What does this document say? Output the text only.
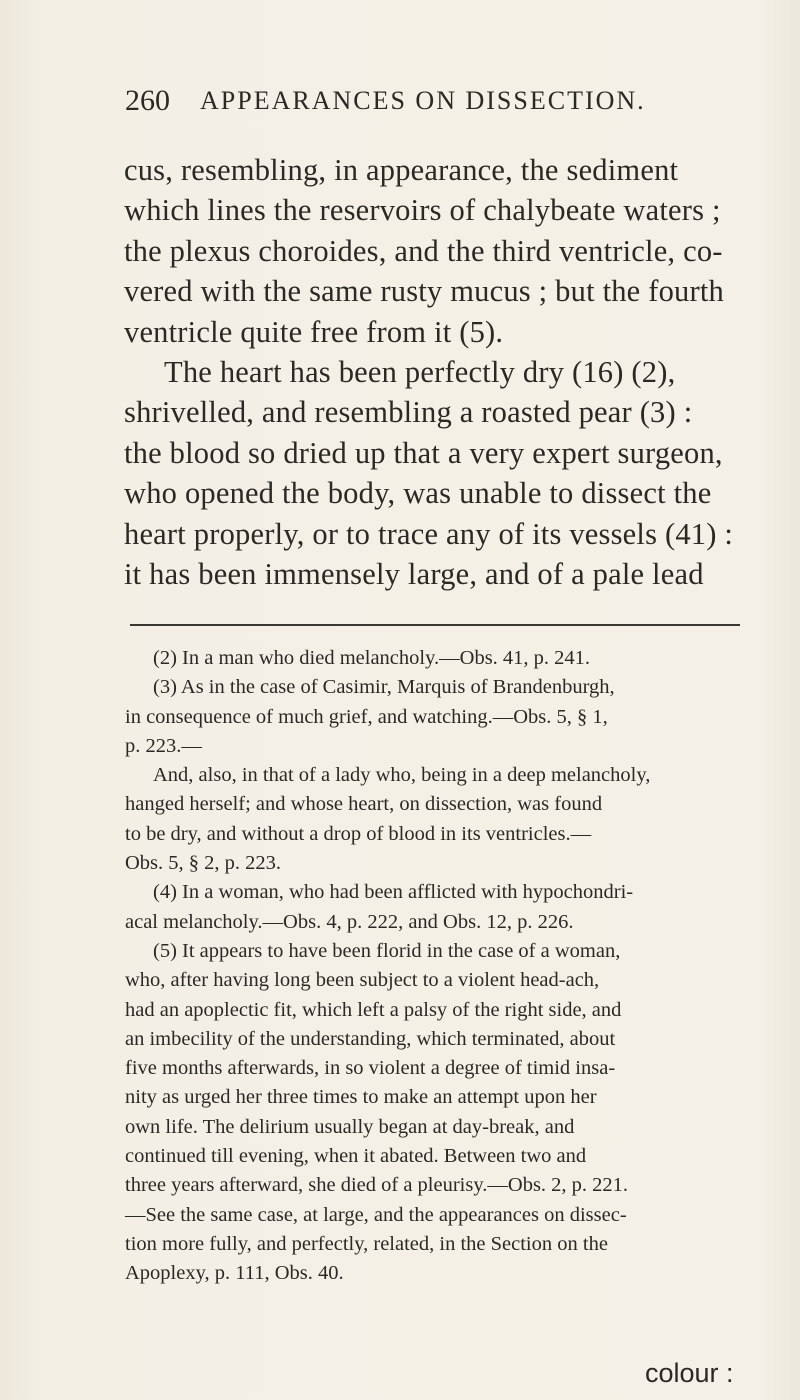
260 APPEARANCES ON DISSECTION.
cus, resembling, in appearance, the sediment
which lines the reservoirs of chalybeate waters ;
the plexus choroides, and the third ventricle, co-
vered with the same rusty mucus ; but the fourth
ventricle quite free from it (5).
The heart has been perfectly dry (16) (2),
shrivelled, and resembling a roasted pear (3) :
the blood so dried up that a very expert surgeon,
who opened the body, was unable to dissect the
heart properly, or to trace any of its vessels (41) :
it has been immensely large, and of a pale lead
(2) In a man who died melancholy.—Obs. 41, p. 241.
(3) As in the case of Casimir, Marquis of Brandenburgh,
in consequence of much grief, and watching.—Obs. 5, § 1,
p. 223.—
And, also, in that of a lady who, being in a deep melancholy,
hanged herself; and whose heart, on dissection, was found
to be dry, and without a drop of blood in its ventricles.—
Obs. 5, § 2, p. 223.
(4) In a woman, who had been afflicted with hypochondri-
acal melancholy.—Obs. 4, p. 222, and Obs. 12, p. 226.
(5) It appears to have been florid in the case of a woman,
who, after having long been subject to a violent head-ach,
had an apoplectic fit, which left a palsy of the right side, and
an imbecility of the understanding, which terminated, about
five months afterwards, in so violent a degree of timid insa-
nity as urged her three times to make an attempt upon her
own life. The delirium usually began at day-break, and
continued till evening, when it abated. Between two and
three years afterward, she died of a pleurisy.—Obs. 2, p. 221.
—See the same case, at large, and the appearances on dissec-
tion more fully, and perfectly, related, in the Section on the
Apoplexy, p. 111, Obs. 40.
colour :
